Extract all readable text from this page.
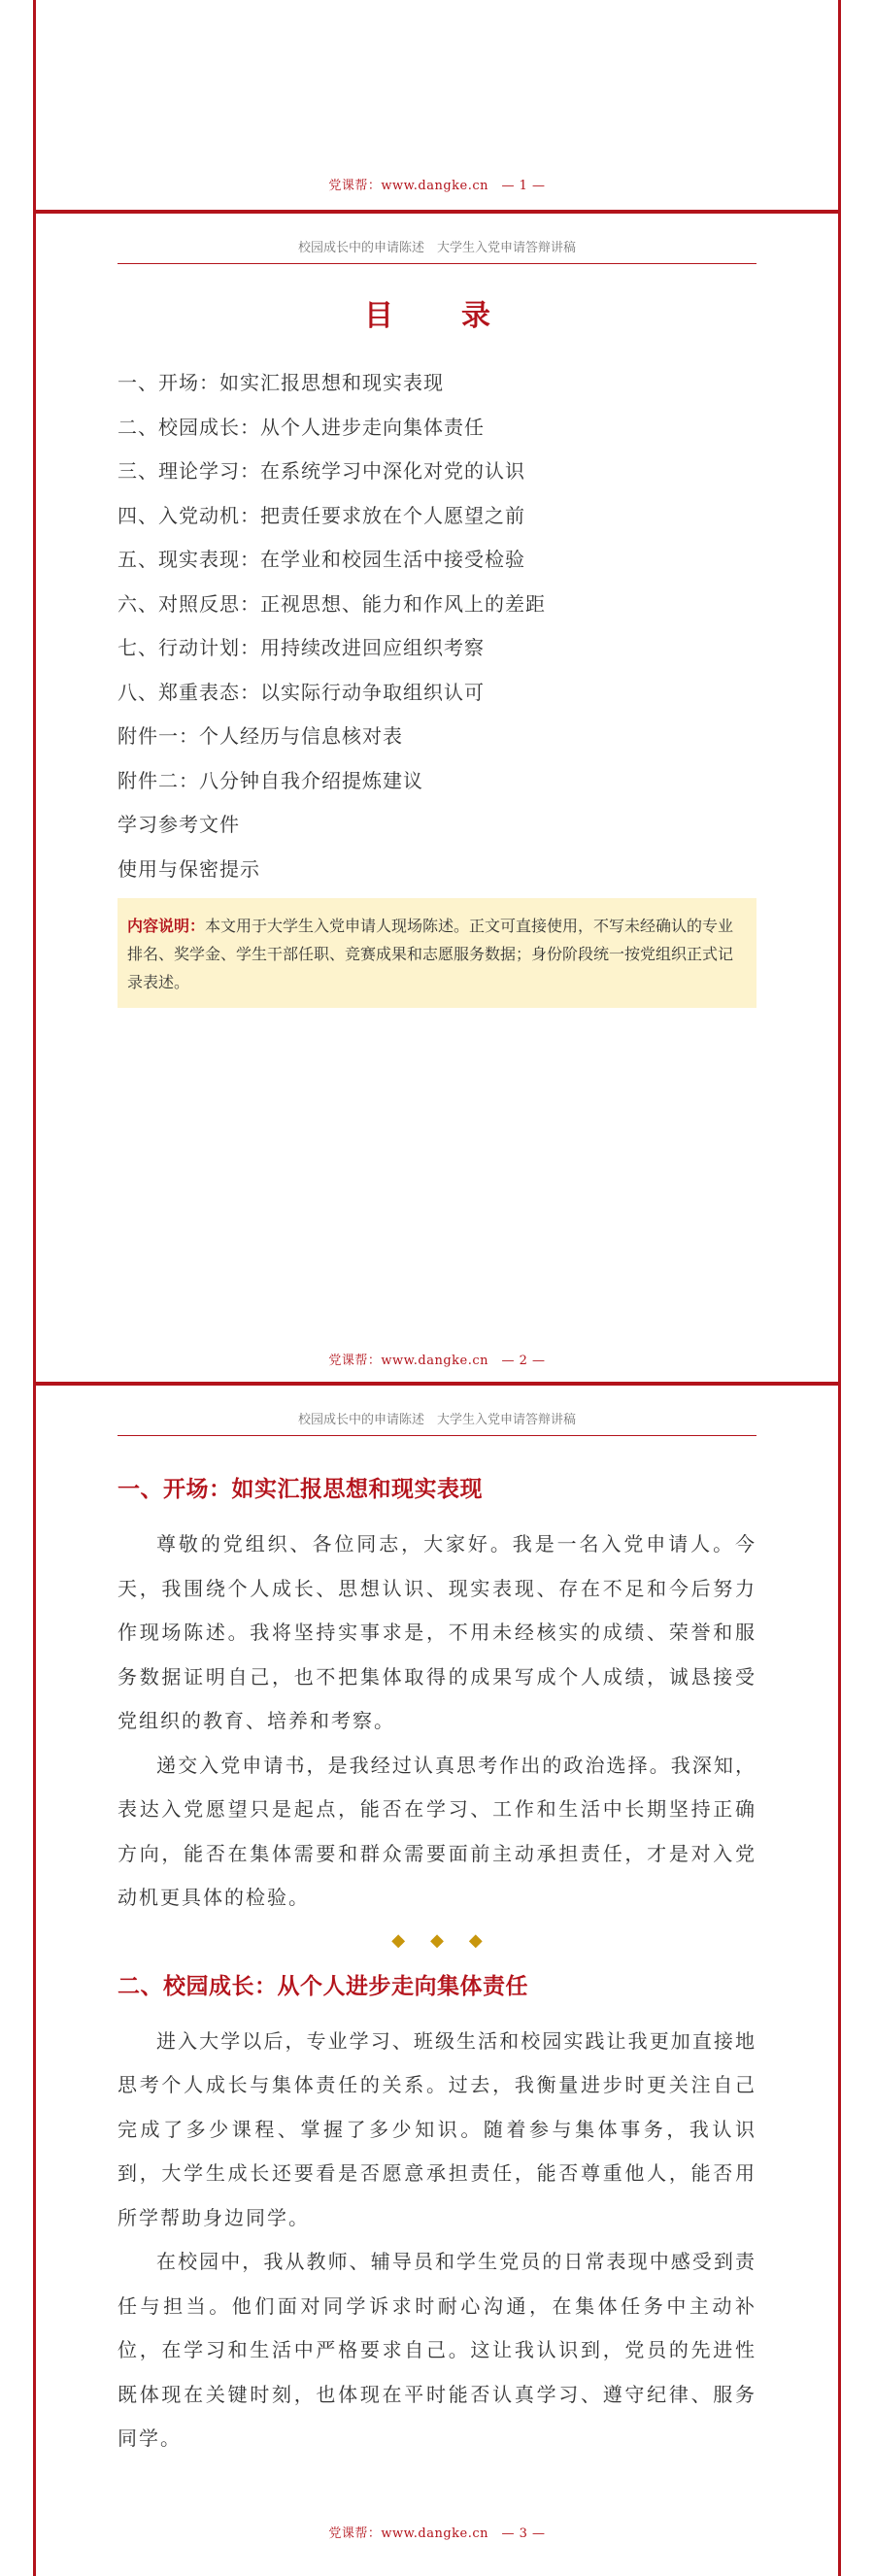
党课帮：www.dangke.cn　— 1 —
校园成长中的申请陈述　大学生入党申请答辩讲稿
目　录
一、开场：如实汇报思想和现实表现
二、校园成长：从个人进步走向集体责任
三、理论学习：在系统学习中深化对党的认识
四、入党动机：把责任要求放在个人愿望之前
五、现实表现：在学业和校园生活中接受检验
六、对照反思：正视思想、能力和作风上的差距
七、行动计划：用持续改进回应组织考察
八、郑重表态：以实际行动争取组织认可
附件一：个人经历与信息核对表
附件二：八分钟自我介绍提炼建议
学习参考文件
使用与保密提示
内容说明：本文用于大学生入党申请人现场陈述。正文可直接使用，不写未经确认的专业排名、奖学金、学生干部任职、竞赛成果和志愿服务数据；身份阶段统一按党组织正式记录表述。
党课帮：www.dangke.cn　— 2 —
校园成长中的申请陈述　大学生入党申请答辩讲稿
一、开场：如实汇报思想和现实表现

尊敬的党组织、各位同志，大家好。我是一名入党申请人。今天，我围绕个人成长、思想认识、现实表现、存在不足和今后努力作现场陈述。我将坚持实事求是，不用未经核实的成绩、荣誉和服务数据证明自己，也不把集体取得的成果写成个人成绩，诚恳接受党组织的教育、培养和考察。

递交入党申请书，是我经过认真思考作出的政治选择。我深知，表达入党愿望只是起点，能否在学习、工作和生活中长期坚持正确方向，能否在集体需要和群众需要面前主动承担责任，才是对入党动机更具体的检验。

◆◆◆
二、校园成长：从个人进步走向集体责任

进入大学以后，专业学习、班级生活和校园实践让我更加直接地思考个人成长与集体责任的关系。过去，我衡量进步时更关注自己完成了多少课程、掌握了多少知识。随着参与集体事务，我认识到，大学生成长还要看是否愿意承担责任，能否尊重他人，能否用所学帮助身边同学。

在校园中，我从教师、辅导员和学生党员的日常表现中感受到责任与担当。他们面对同学诉求时耐心沟通，在集体任务中主动补位，在学习和生活中严格要求自己。这让我认识到，党员的先进性既体现在关键时刻，也体现在平时能否认真学习、遵守纪律、服务同学。

党课帮：www.dangke.cn　— 3 —
